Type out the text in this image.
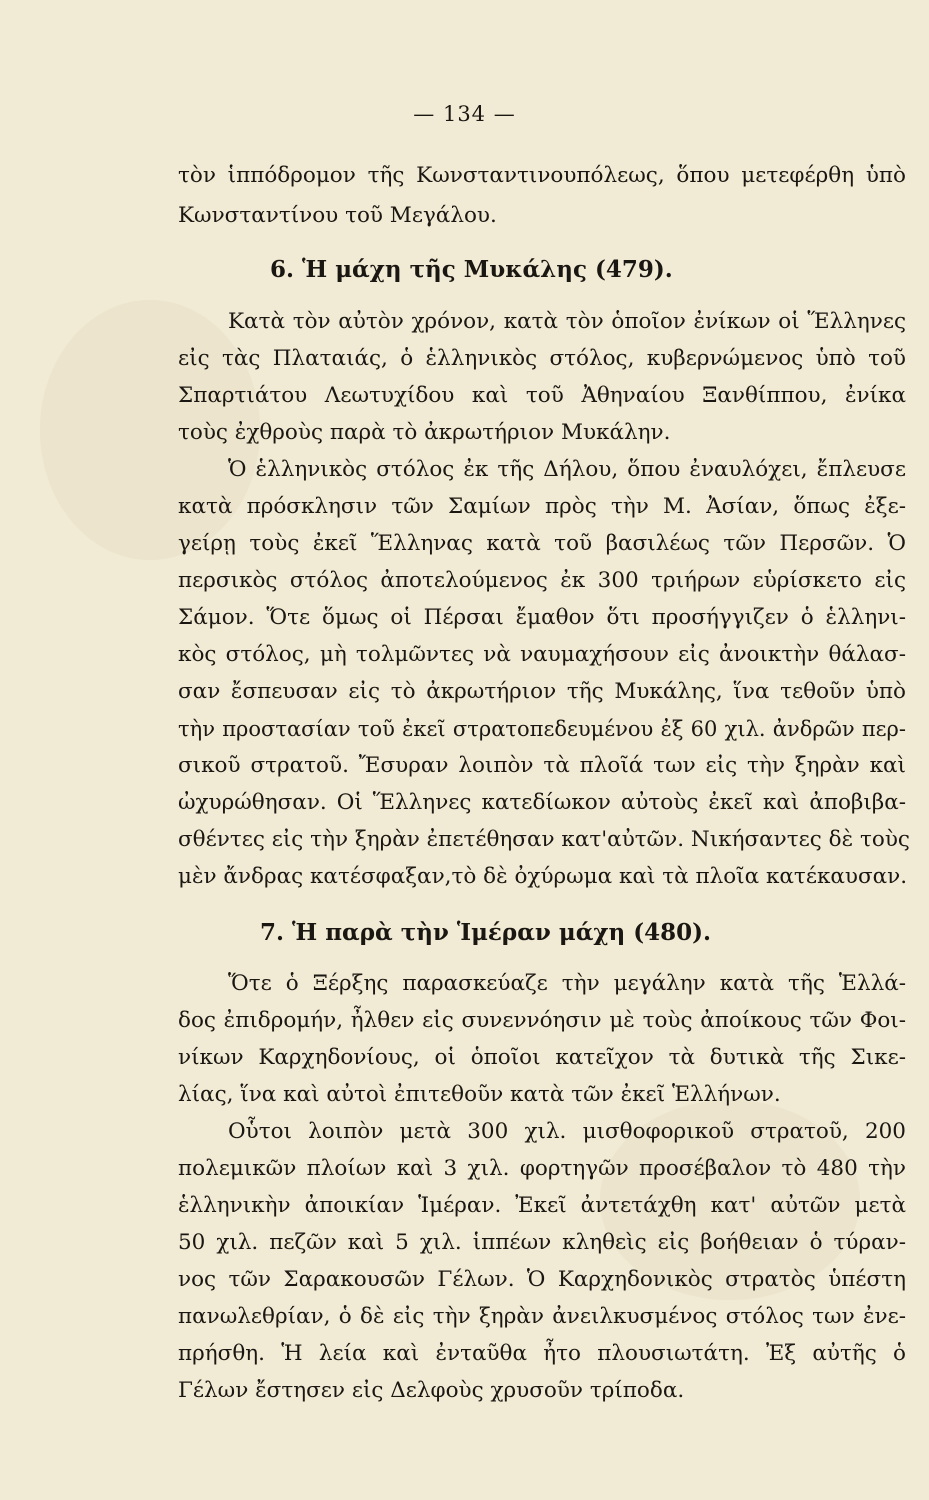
— 134 —

τὸν ἱππόδρομον τῆς Κωνσταντινουπόλεως, ὅπου μετεφέρθη ὑπὸ

Κωνσταντίνου τοῦ Μεγάλου.

6. Ἡ μάχη τῆς Μυκάλης (479).

Κατὰ τὸν αὐτὸν χρόνον, κατὰ τὸν ὁποῖον ἐνίκων οἱ Ἕλληνες

εἰς τὰς Πλαταιάς, ὁ ἑλληνικὸς στόλος, κυβερνώμενος ὑπὸ τοῦ

Σπαρτιάτου Λεωτυχίδου καὶ τοῦ Ἀθηναίου Ξανθίππου, ἐνίκα

τοὺς ἐχθροὺς παρὰ τὸ ἀκρωτήριον Μυκάλην.

Ὁ ἑλληνικὸς στόλος ἐκ τῆς Δήλου, ὅπου ἐναυλόχει, ἔπλευσε

κατὰ πρόσκλησιν τῶν Σαμίων πρὸς τὴν Μ. Ἀσίαν, ὅπως ἐξε-

γείρῃ τοὺς ἐκεῖ Ἕλληνας κατὰ τοῦ βασιλέως τῶν Περσῶν. Ὁ

περσικὸς στόλος ἀποτελούμενος ἐκ 300 τριήρων εὑρίσκετο εἰς

Σάμον. Ὅτε ὅμως οἱ Πέρσαι ἔμαθον ὅτι προσήγγιζεν ὁ ἑλληνι-

κὸς στόλος, μὴ τολμῶντες νὰ ναυμαχήσουν εἰς ἀνοικτὴν θάλασ-

σαν ἔσπευσαν εἰς τὸ ἀκρωτήριον τῆς Μυκάλης, ἵνα τεθοῦν ὑπὸ

τὴν προστασίαν τοῦ ἐκεῖ στρατοπεδευμένου ἐξ 60 χιλ. ἀνδρῶν περ-

σικοῦ στρατοῦ. Ἔσυραν λοιπὸν τὰ πλοῖά των εἰς τὴν ξηρὰν καὶ

ὠχυρώθησαν. Οἱ Ἕλληνες κατεδίωκον αὐτοὺς ἐκεῖ καὶ ἀποβιβα-

σθέντες εἰς τὴν ξηρὰν ἐπετέθησαν κατ'αὐτῶν. Νικήσαντες δὲ τοὺς

μὲν ἄνδρας κατέσφαξαν,τὸ δὲ ὀχύρωμα καὶ τὰ πλοῖα κατέκαυσαν.

7. Ἡ παρὰ τὴν Ἱμέραν μάχη (480).

Ὅτε ὁ Ξέρξης παρασκεύαζε τὴν μεγάλην κατὰ τῆς Ἑλλά-

δος ἐπιδρομήν, ἦλθεν εἰς συνεννόησιν μὲ τοὺς ἀποίκους τῶν Φοι-

νίκων Καρχηδονίους, οἱ ὁποῖοι κατεῖχον τὰ δυτικὰ τῆς Σικε-

λίας, ἵνα καὶ αὐτοὶ ἐπιτεθοῦν κατὰ τῶν ἐκεῖ Ἑλλήνων.

Οὗτοι λοιπὸν μετὰ 300 χιλ. μισθοφορικοῦ στρατοῦ, 200

πολεμικῶν πλοίων καὶ 3 χιλ. φορτηγῶν προσέβαλον τὸ 480 τὴν

ἑλληνικὴν ἀποικίαν Ἱμέραν. Ἐκεῖ ἀντετάχθη κατ' αὐτῶν μετὰ

50 χιλ. πεζῶν καὶ 5 χιλ. ἱππέων κληθεὶς εἰς βοήθειαν ὁ τύραν-

νος τῶν Σαρακουσῶν Γέλων. Ὁ Καρχηδονικὸς στρατὸς ὑπέστη

πανωλεθρίαν, ὁ δὲ εἰς τὴν ξηρὰν ἀνειλκυσμένος στόλος των ἐνε-

πρήσθη. Ἡ λεία καὶ ἐνταῦθα ἦτο πλουσιωτάτη. Ἐξ αὐτῆς ὁ

Γέλων ἔστησεν εἰς Δελφοὺς χρυσοῦν τρίποδα.
